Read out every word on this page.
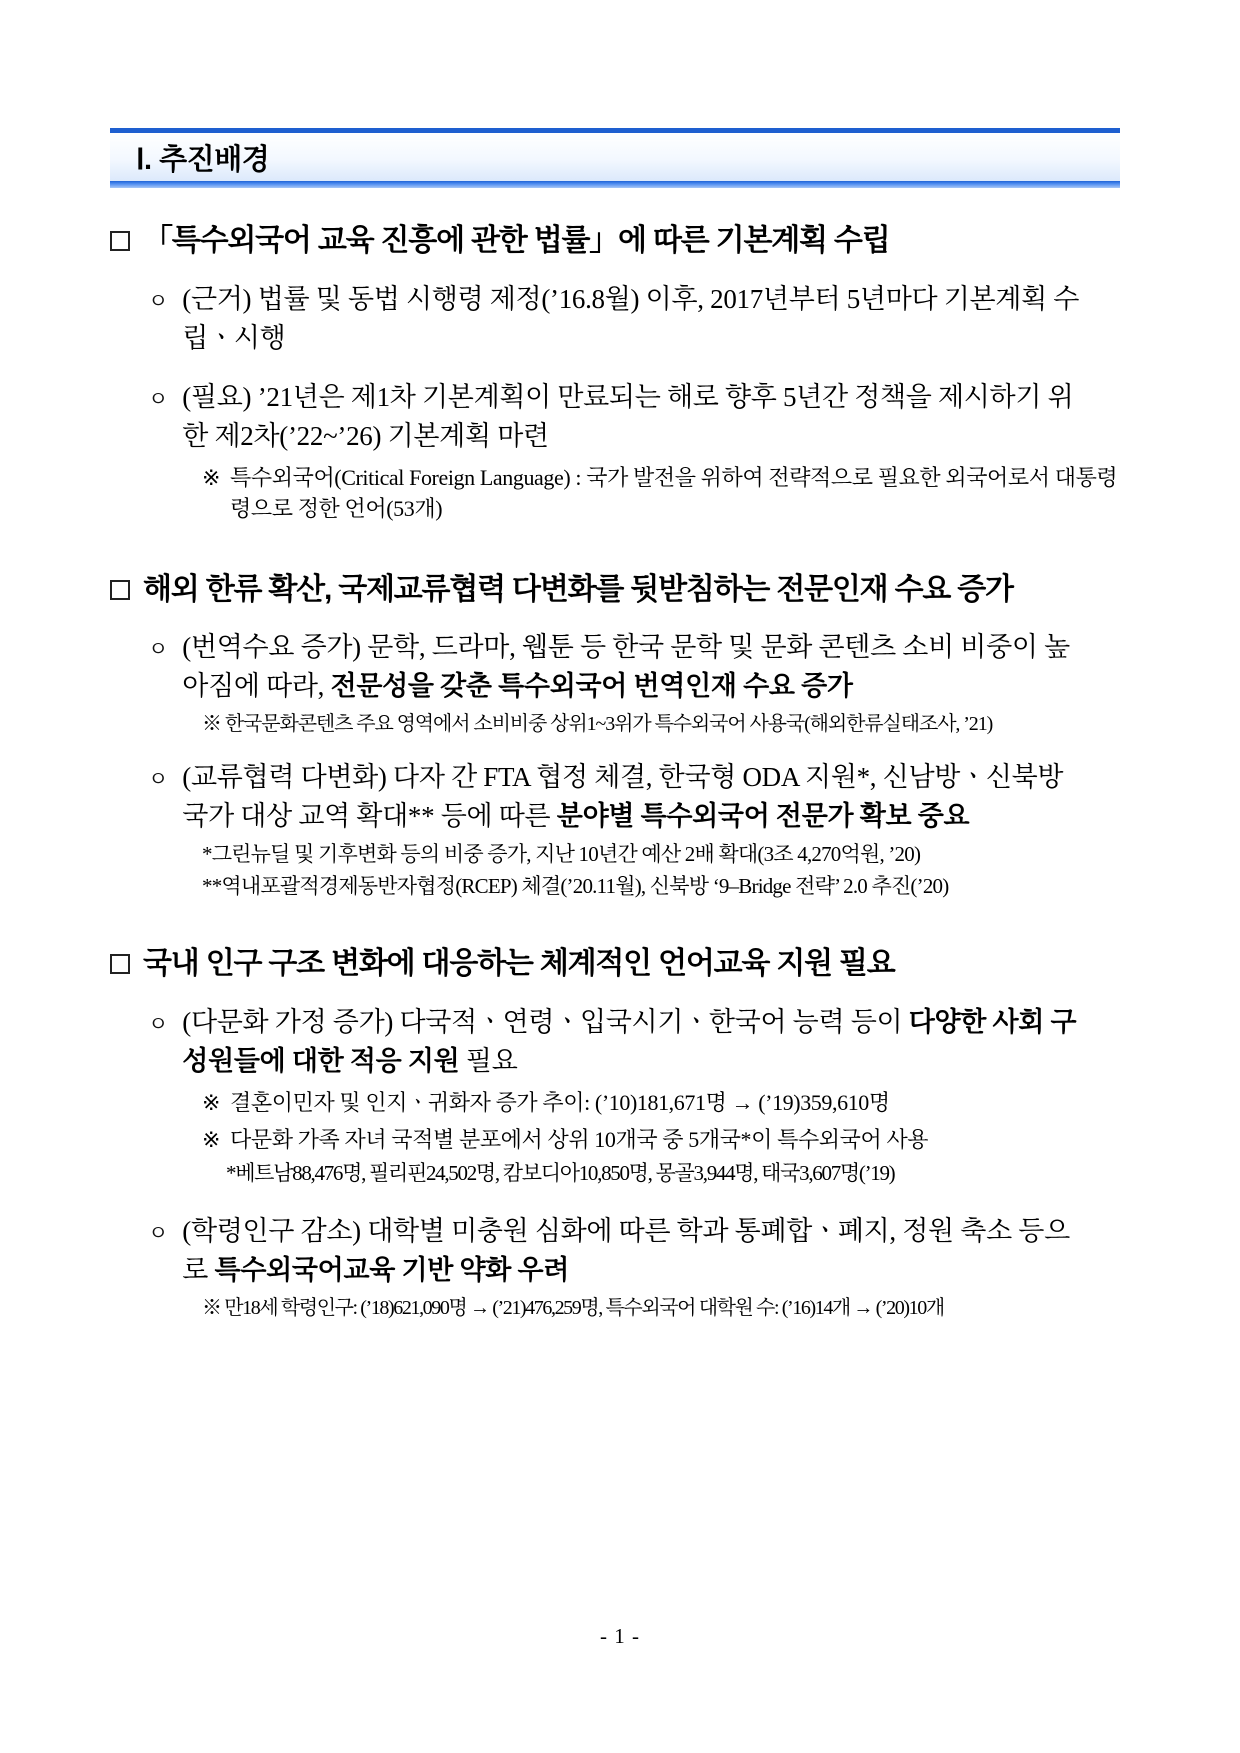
Ⅰ. 추진배경
「특수외국어 교육 진흥에 관한 법률」에 따른 기본계획 수립
ㅇ (근거) 법률 및 동법 시행령 제정(’16.8월) 이후, 2017년부터 5년마다 기본계획 수립ㆍ시행
ㅇ (필요) ’21년은 제1차 기본계획이 만료되는 해로 향후 5년간 정책을 제시하기 위한 제2차(’22~’26) 기본계획 마련
※ 특수외국어(Critical Foreign Language) : 국가 발전을 위하여 전략적으로 필요한 외국어로서 대통령령으로 정한 언어(53개)
해외 한류 확산, 국제교류협력 다변화를 뒷받침하는 전문인재 수요 증가
ㅇ (번역수요 증가) 문학, 드라마, 웹툰 등 한국 문학 및 문화 콘텐츠 소비 비중이 높아짐에 따라, 전문성을 갖춘 특수외국어 번역인재 수요 증가
※ 한국문화콘텐츠 주요 영역에서 소비비중 상위1~3위가 특수외국어 사용국(해외한류실태조사, ’21)
ㅇ (교류협력 다변화) 다자 간 FTA 협정 체결, 한국형 ODA 지원*, 신남방ㆍ신북방 국가 대상 교역 확대** 등에 따른 분야별 특수외국어 전문가 확보 중요
*그린뉴딜 및 기후변화 등의 비중 증가, 지난 10년간 예산 2배 확대(3조 4,270억원, ’20)
**역내포괄적경제동반자협정(RCEP) 체결(’20.11월), 신북방 ‘9–Bridge 전략’ 2.0 추진(’20)
국내 인구 구조 변화에 대응하는 체계적인 언어교육 지원 필요
ㅇ (다문화 가정 증가) 다국적ㆍ연령ㆍ입국시기ㆍ한국어 능력 등이 다양한 사회 구성원들에 대한 적응 지원 필요
※ 결혼이민자 및 인지ㆍ귀화자 증가 추이: (’10)181,671명 → (’19)359,610명
※ 다문화 가족 자녀 국적별 분포에서 상위 10개국 중 5개국*이 특수외국어 사용
*베트남88,476명, 필리핀24,502명, 캄보디아10,850명, 몽골3,944명, 태국3,607명(’19)
ㅇ (학령인구 감소) 대학별 미충원 심화에 따른 학과 통폐합ㆍ폐지, 정원 축소 등으로 특수외국어교육 기반 약화 우려
※ 만18세 학령인구: (’18)621,090명 → (’21)476,259명, 특수외국어 대학원 수: (’16)14개 → (’20)10개
- 1 -
